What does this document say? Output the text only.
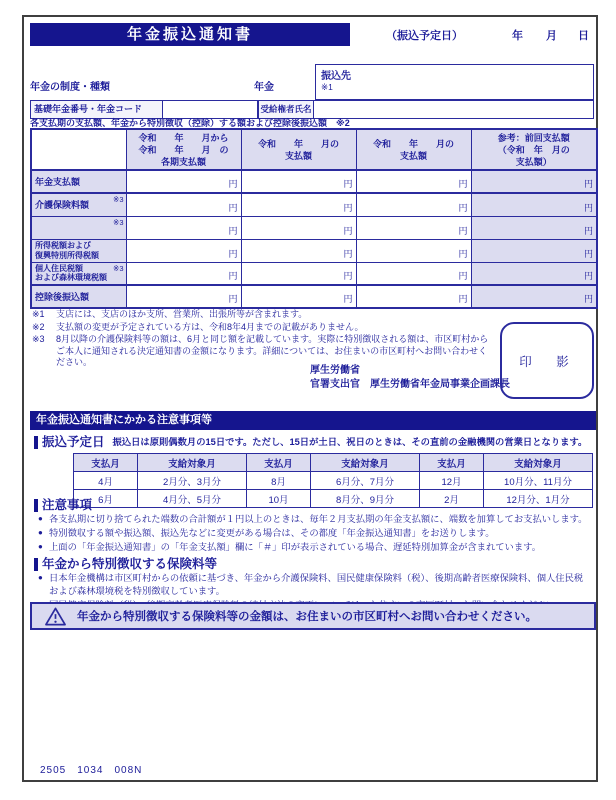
年金振込通知書	（振込予定日）	年 月 日
年金の制度・種類	年金
振込先
※1
基礎年金番号・年金コード	受給権者氏名
各支払期の支払額、年金から特別徴収（控除）する額および控除後振込額　※2

令和　　年　　月から
令和　　年　　月　の
各期支払額

令和　　年　　月の
支払額

令和　　年　　月の
支払額

参考：前回支払額
（令和　年　月の
支払額）

年金支払額	円	円	円	円

介護保険料額
※3	円	円	円	円

※3	円	円	円	円

所得税額および
復興特別所得税額	円	円	円	円

個人住民税額
および森林環境税額
※3	円	円	円	円

控除後振込額	円	円	円	円
※1	支店には、支店のほか支所、営業所、出張所等が含まれます。
※2	支払額の変更が予定されている方は、令和8年4月までの記載がありません。
※3	8月以降の介護保険料等の額は、6月と同じ額を記載しています。実際に特別徴収される額は、市区町村からご本人に通知される決定通知書の金額になります。詳細については、お住まいの市区町村へお問い合わせください。
厚生労働省
官署支出官　厚生労働省年金局事業企画課長
印　影
年金振込通知書にかかる注意事項等
振込予定日 振込日は原則偶数月の15日です。ただし、15日が土日、祝日のときは、その直前の金融機関の営業日となります。
支払月	支給対象月	支払月	支給対象月	支払月	支給対象月
4月	2月分、3月分	8月	6月分、7月分	12月	10月分、11月分
6月	4月分、5月分	10月	8月分、9月分	2月	12月分、1月分
注意事項
● 各支払期に切り捨てられた端数の合計額が１円以上のときは、毎年２月支払期の年金支払額に、端数を加算してお支払いします。
● 特別徴収する額や振込額、振込先などに変更がある場合は、その都度「年金振込通知書」をお送りします。
● 上面の「年金振込通知書」の「年金支払額」欄に「＃」印が表示されている場合、遅延特別加算金が含まれています。
年金から特別徴収する保険料等
● 日本年金機構は市区町村からの依頼に基づき、年金から介護保険料、国民健康保険料（税）、後期高齢者医療保険料、個人住民税および森林環境税を特別徴収しています。
年金から特別徴収する保険料等の金額は、お住まいの市区町村へお問い合わせください。
2505　1034　008N
